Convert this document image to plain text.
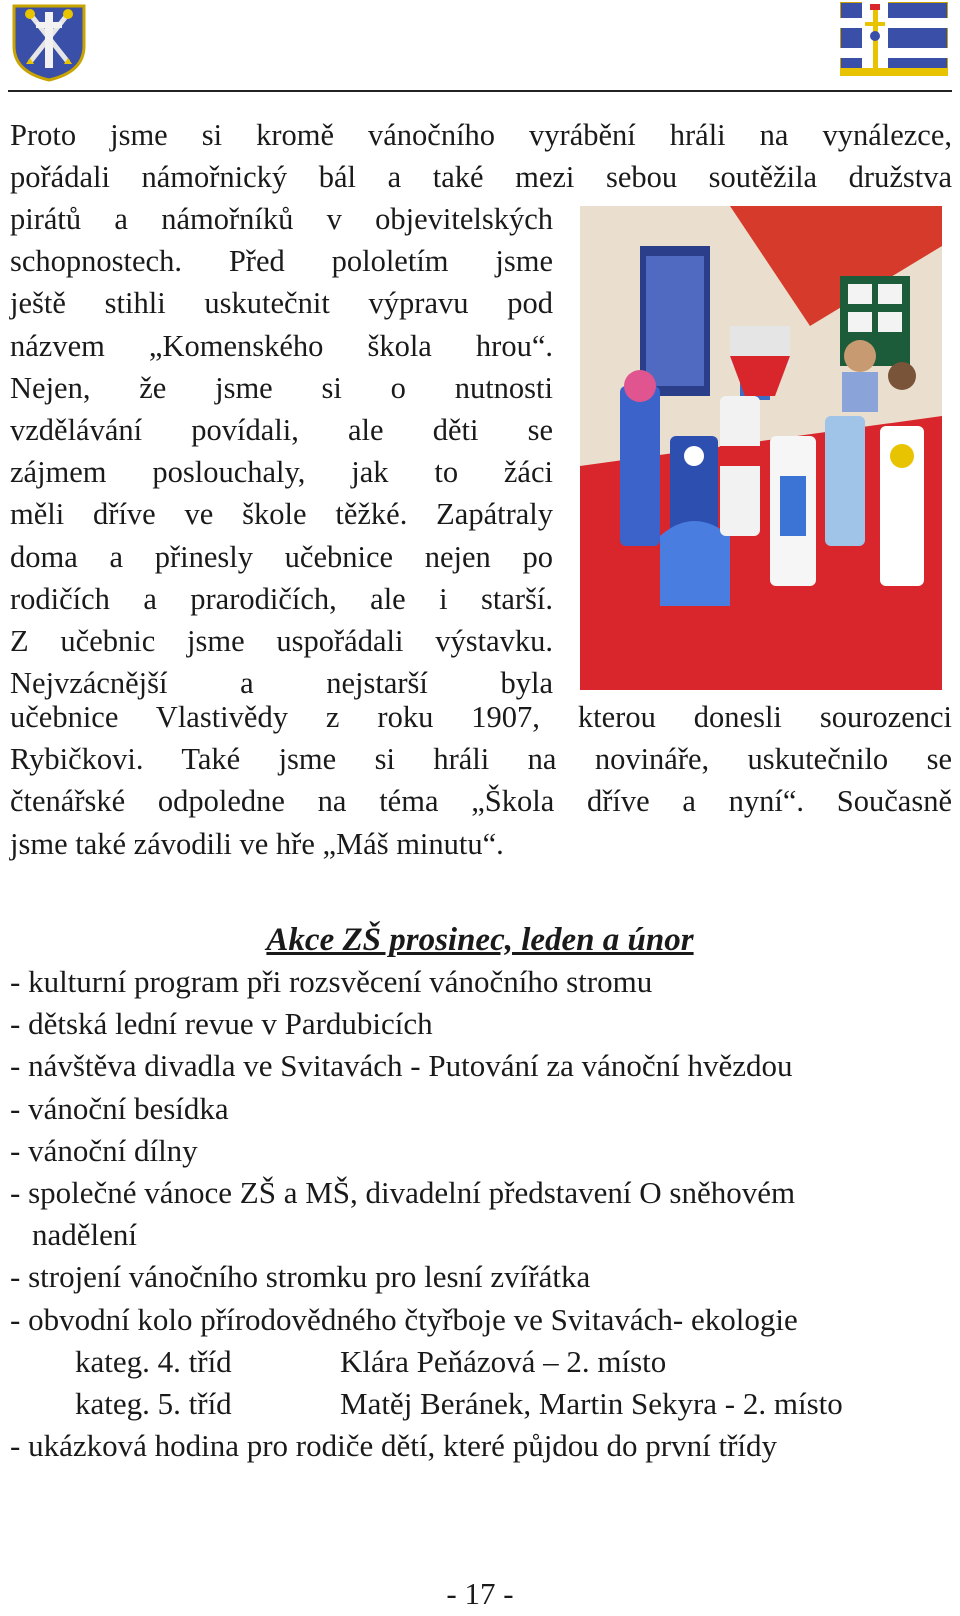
Proto jsme si kromě vánočního vyrábění hráli na vynálezce,
pořádali námořnický bál a také mezi sebou soutěžila družstva
pirátů a námořníků v objevitelských
schopnostech. Před pololetím jsme
ještě stihli uskutečnit výpravu pod
názvem „Komenského škola hrou“.
Nejen, že jsme si o nutnosti
vzdělávání povídali, ale děti se
zájmem poslouchaly, jak to žáci
měli dříve ve škole těžké. Zapátraly
doma a přinesly učebnice nejen po
rodičích a prarodičích, ale i starší.
Z učebnic jsme uspořádali výstavku.
Nejvzácnější a nejstarší byla
učebnice Vlastivědy z roku 1907, kterou donesli sourozenci
Rybičkovi. Také jsme si hráli na novináře, uskutečnilo se
čtenářské odpoledne na téma „Škola dříve a nyní“. Současně
jsme také závodili ve hře „Máš minutu“.
Akce ZŠ prosinec, leden a únor
- kulturní program při rozsvěcení vánočního stromu
- dětská lední revue v Pardubicích
- návštěva divadla ve Svitavách - Putování za vánoční hvězdou
- vánoční besídka
- vánoční dílny
- společné vánoce ZŠ a MŠ, divadelní představení O sněhovém
nadělení
- strojení vánočního stromku pro lesní zvířátka
- obvodní kolo přírodovědného čtyřboje ve Svitavách- ekologie
kateg. 4. tříd	Klára Peňázová – 2. místo
kateg. 5. tříd	Matěj Beránek, Martin Sekyra - 2. místo
- ukázková hodina pro rodiče dětí, které půjdou do první třídy
- 17 -
